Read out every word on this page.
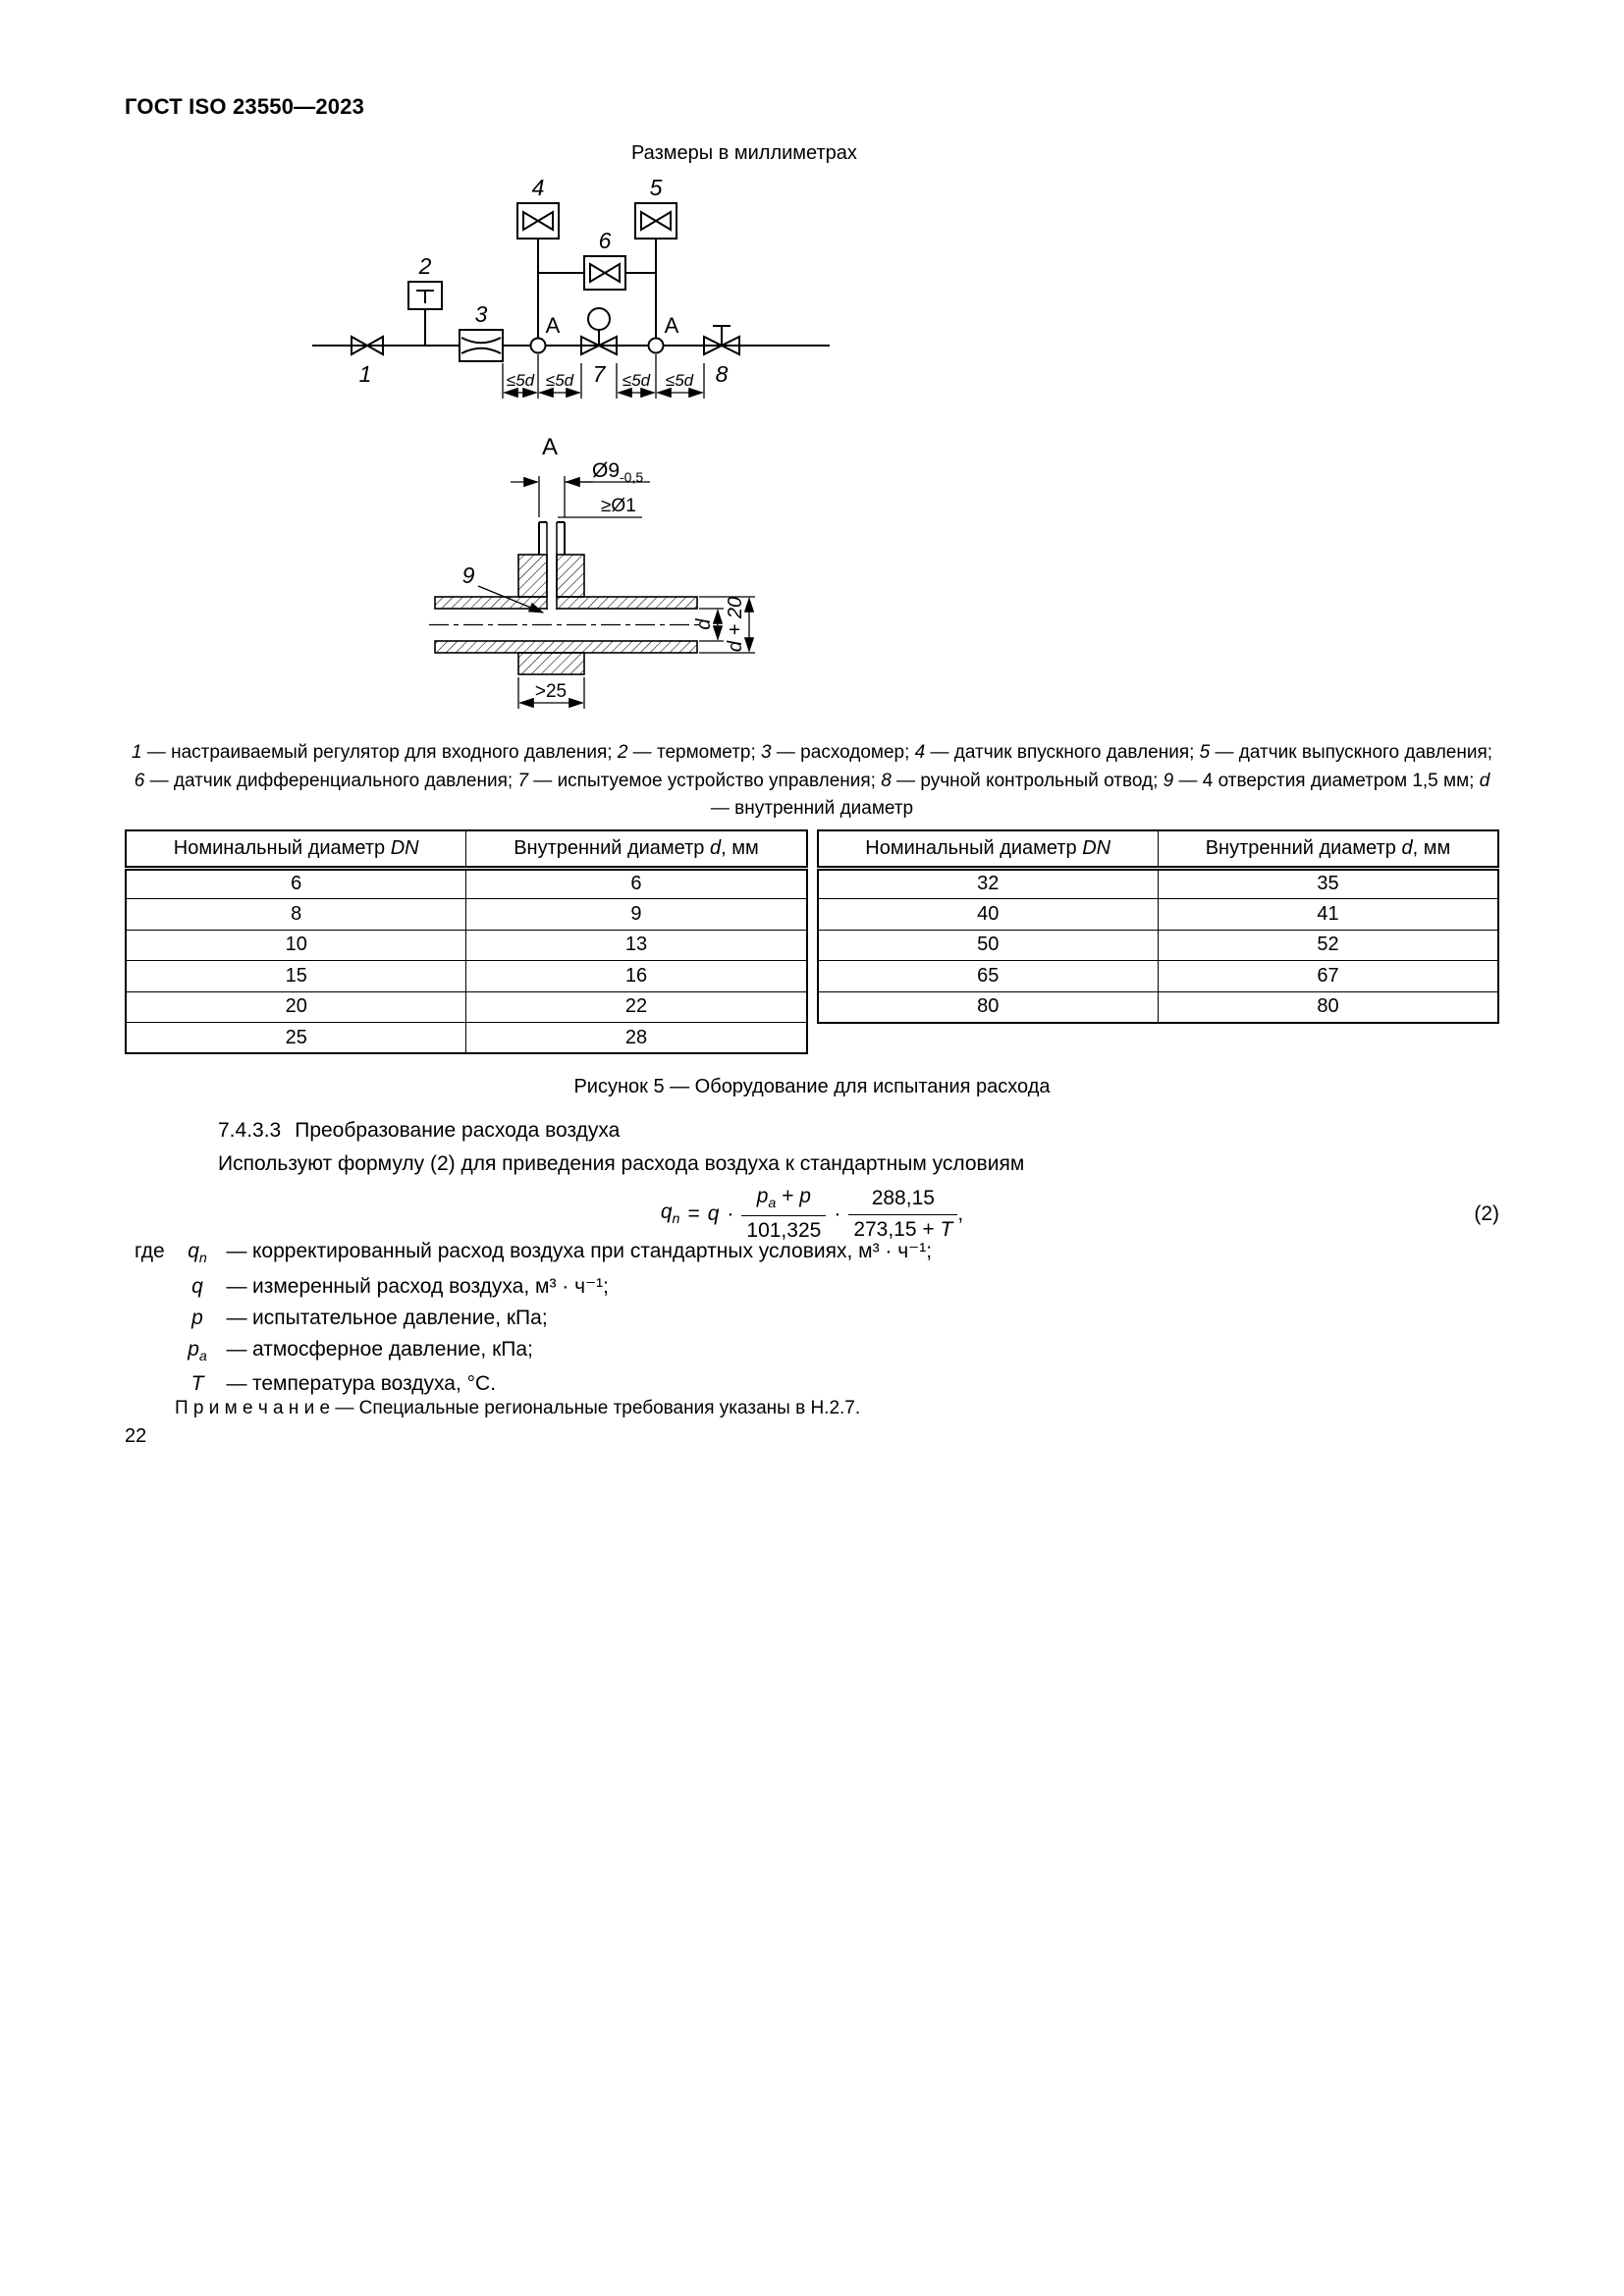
ГОСТ ISO 23550—2023
Размеры в миллиметрах
1
2
3
4	5
6
7	8
A	A
≤5d ≤5d	≤5d ≤5d
A
$Ø9_{-0,5}$
≥Ø1
9
d d + 20
>25

1 — настраиваемый регулятор для входного давления; 2 — термометр; 3 — расходомер; 4 — датчик впускного давления; 5 — датчик выпускного давления; 6 — датчик дифференциального давления; 7 — испытуемое устройство управления; 8 — ручной контрольный отвод; 9 — 4 отверстия диаметром 1,5 мм; d — внутренний диаметр

Номинальный диаметр DN	Внутренний диаметр d, мм
6	6
8	9
10	13
15	16
20	22
25	28
Номинальный диаметр DN	Внутренний диаметр d, мм
32	35
40	41
50	52
65	67
80	80
Рисунок 5 — Оборудование для испытания расхода
7.4.3.3 Преобразование расхода воздуха
Используют формулу (2) для приведения расхода воздуха к стандартным условиям
$q_n = q \cdot \frac{p_a + p}{101,325} \cdot \frac{288,15}{273,15 + T}$ ,	(2)
где	$q_n$ — корректированный расход воздуха при стандартных условиях, м³ · ч⁻¹;
q	— измеренный расход воздуха, м³ · ч⁻¹;
p	— испытательное давление, кПа;
$p_a$ — атмосферное давление, кПа;
T	— температура воздуха, °С.
П р и м е ч а н и е — Специальные региональные требования указаны в Н.2.7.
22
